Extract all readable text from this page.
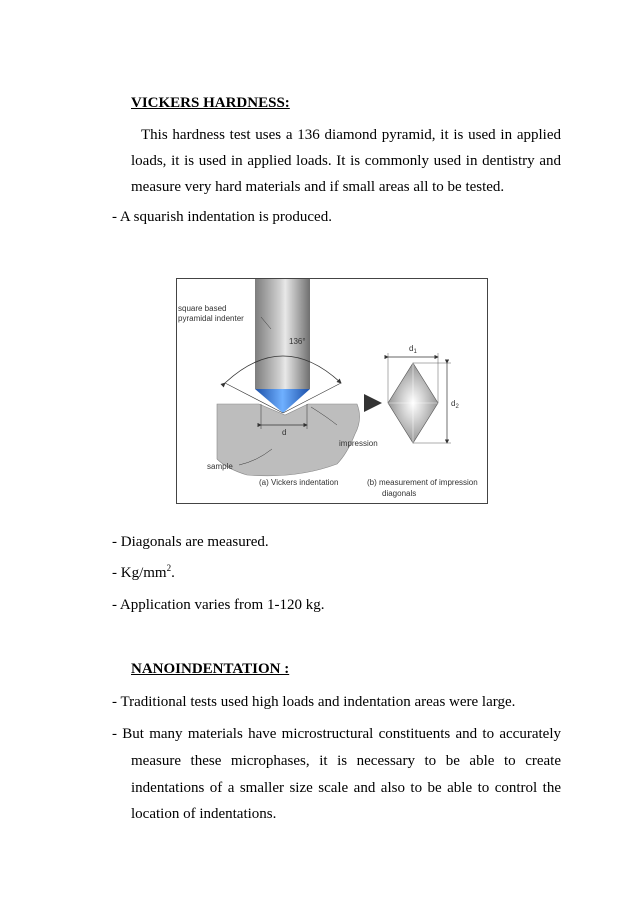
VICKERS HARDNESS:
This hardness test uses a 136 diamond pyramid, it is used in applied
loads, it is used in applied loads. It is commonly used in dentistry and
measure very hard materials and if small areas all to be tested.
- A squarish indentation is produced.
square based
pyramidal indenter
136°
d
impression
sample
$d_1$
$d_2$
(a) Vickers indentation	(b) measurement of impression
diagonals
- Diagonals are measured.
- $Kg/mm^2$.
- Application varies from 1-120 kg.
NANOINDENTATION :
- Traditional tests used high loads and indentation areas were large.
- But many materials have microstructural constituents and to accurately
measure these microphases, it is necessary to be able to create
indentations of a smaller size scale and also to be able to control the
location of indentations.
